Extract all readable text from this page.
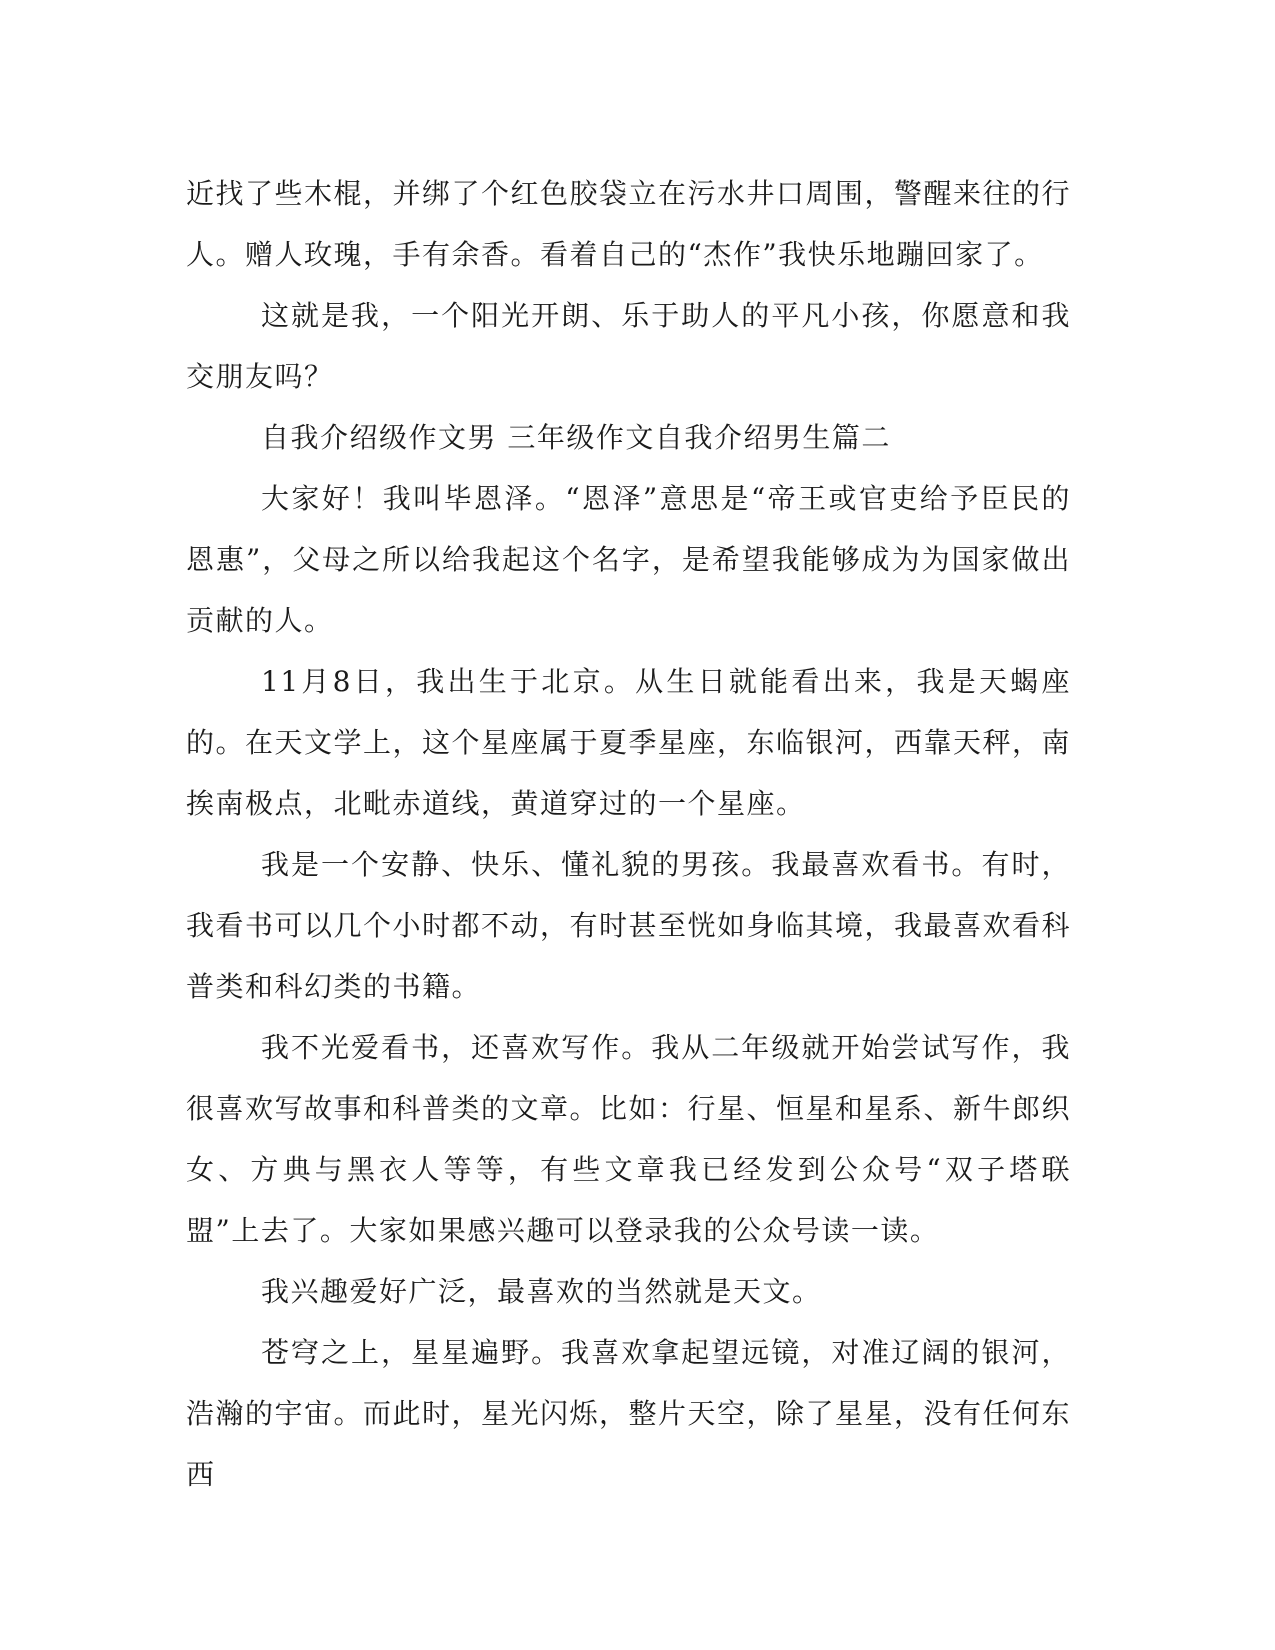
近找了些木棍，并绑了个红色胶袋立在污水井口周围，警醒来往的行人。赠人玫瑰，手有余香。看着自己的“杰作”我快乐地蹦回家了。

这就是我，一个阳光开朗、乐于助人的平凡小孩，你愿意和我交朋友吗？

自我介绍级作文男 三年级作文自我介绍男生篇二

大家好！我叫毕恩泽。“恩泽”意思是“帝王或官吏给予臣民的恩惠”，父母之所以给我起这个名字，是希望我能够成为为国家做出贡献的人。

11月8日，我出生于北京。从生日就能看出来，我是天蝎座的。在天文学上，这个星座属于夏季星座，东临银河，西靠天秤，南挨南极点，北毗赤道线，黄道穿过的一个星座。

我是一个安静、快乐、懂礼貌的男孩。我最喜欢看书。有时，我看书可以几个小时都不动，有时甚至恍如身临其境，我最喜欢看科普类和科幻类的书籍。

我不光爱看书，还喜欢写作。我从二年级就开始尝试写作，我很喜欢写故事和科普类的文章。比如：行星、恒星和星系、新牛郎织女、方典与黑衣人等等，有些文章我已经发到公众号“双子塔联盟”上去了。大家如果感兴趣可以登录我的公众号读一读。

我兴趣爱好广泛，最喜欢的当然就是天文。

苍穹之上，星星遍野。我喜欢拿起望远镜，对准辽阔的银河，浩瀚的宇宙。而此时，星光闪烁，整片天空，除了星星，没有任何东西
